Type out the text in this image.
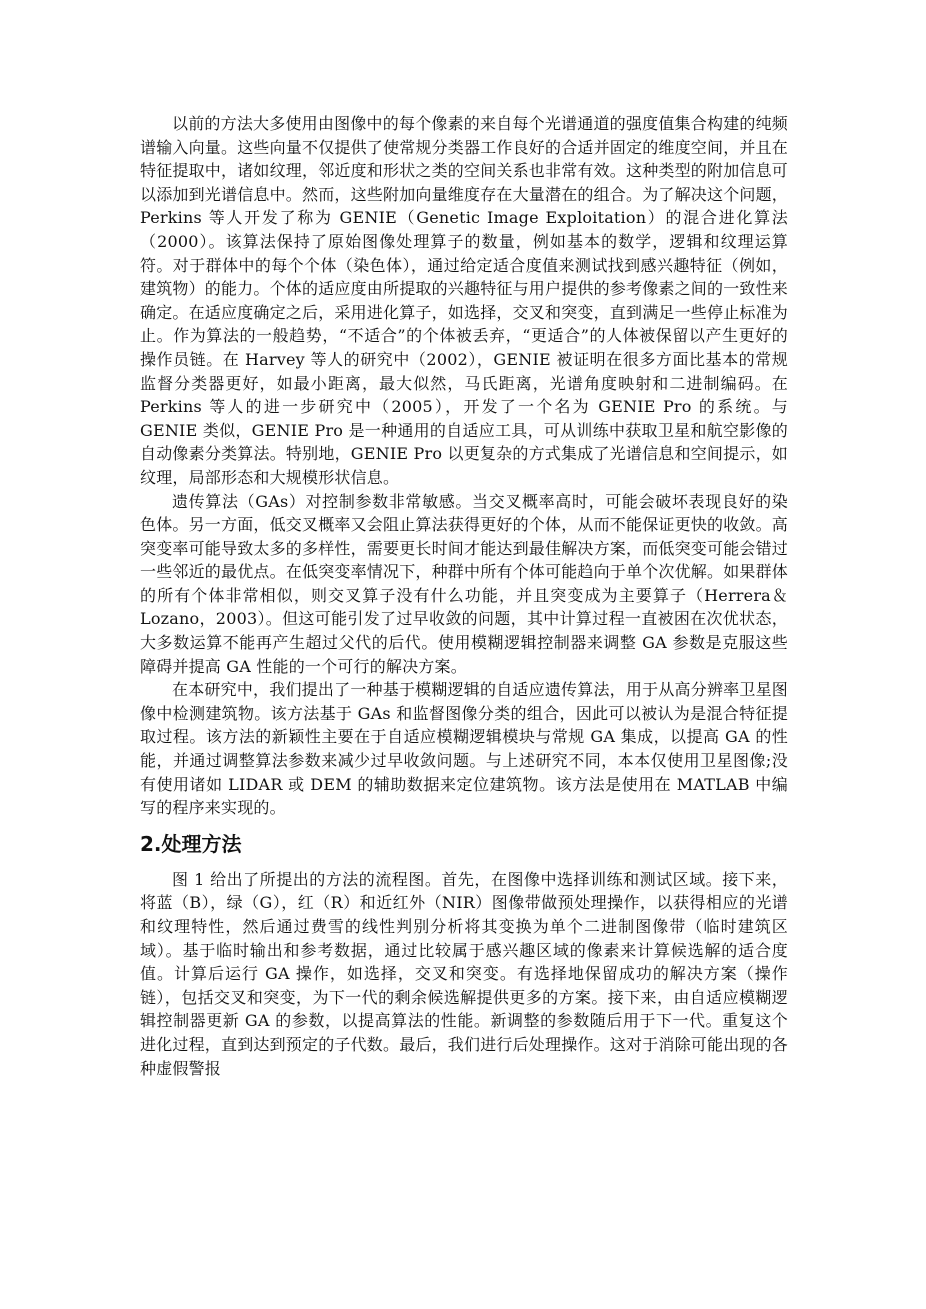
以前的方法大多使用由图像中的每个像素的来自每个光谱通道的强度值集合构建的纯频谱输入向量。这些向量不仅提供了使常规分类器工作良好的合适并固定的维度空间，并且在特征提取中，诸如纹理，邻近度和形状之类的空间关系也非常有效。这种类型的附加信息可以添加到光谱信息中。然而，这些附加向量维度存在大量潜在的组合。为了解决这个问题，Perkins 等人开发了称为 GENIE（Genetic Image Exploitation）的混合进化算法（2000）。该算法保持了原始图像处理算子的数量，例如基本的数学，逻辑和纹理运算符。对于群体中的每个个体（染色体），通过给定适合度值来测试找到感兴趣特征（例如，建筑物）的能力。个体的适应度由所提取的兴趣特征与用户提供的参考像素之间的一致性来确定。在适应度确定之后，采用进化算子，如选择，交叉和突变，直到满足一些停止标准为止。作为算法的一般趋势，“不适合”的个体被丢弃，“更适合”的人体被保留以产生更好的操作员链。在 Harvey 等人的研究中（2002），GENIE 被证明在很多方面比基本的常规监督分类器更好，如最小距离，最大似然，马氏距离，光谱角度映射和二进制编码。在 Perkins 等人的进一步研究中（2005），开发了一个名为 GENIE Pro 的系统。与 GENIE 类似，GENIE Pro 是一种通用的自适应工具，可从训练中获取卫星和航空影像的自动像素分类算法。特别地，GENIE Pro 以更复杂的方式集成了光谱信息和空间提示，如纹理，局部形态和大规模形状信息。

遗传算法（GAs）对控制参数非常敏感。当交叉概率高时，可能会破坏表现良好的染色体。另一方面，低交叉概率又会阻止算法获得更好的个体，从而不能保证更快的收敛。高突变率可能导致太多的多样性，需要更长时间才能达到最佳解决方案，而低突变可能会错过一些邻近的最优点。在低突变率情况下，种群中所有个体可能趋向于单个次优解。如果群体的所有个体非常相似，则交叉算子没有什么功能，并且突变成为主要算子（Herrera＆Lozano，2003）。但这可能引发了过早收敛的问题，其中计算过程一直被困在次优状态，大多数运算不能再产生超过父代的后代。使用模糊逻辑控制器来调整 GA 参数是克服这些障碍并提高 GA 性能的一个可行的解决方案。

在本研究中，我们提出了一种基于模糊逻辑的自适应遗传算法，用于从高分辨率卫星图像中检测建筑物。该方法基于 GAs 和监督图像分类的组合，因此可以被认为是混合特征提取过程。该方法的新颖性主要在于自适应模糊逻辑模块与常规 GA 集成，以提高 GA 的性能，并通过调整算法参数来减少过早收敛问题。与上述研究不同，本本仅使用卫星图像;没有使用诸如 LIDAR 或 DEM 的辅助数据来定位建筑物。该方法是使用在 MATLAB 中编写的程序来实现的。

2.处理方法

图 1 给出了所提出的方法的流程图。首先，在图像中选择训练和测试区域。接下来，将蓝（B），绿（G），红（R）和近红外（NIR）图像带做预处理操作，以获得相应的光谱和纹理特性，然后通过费雪的线性判别分析将其变换为单个二进制图像带（临时建筑区域）。基于临时输出和参考数据，通过比较属于感兴趣区域的像素来计算候选解的适合度值。计算后运行 GA 操作，如选择，交叉和突变。有选择地保留成功的解决方案（操作链），包括交叉和突变，为下一代的剩余候选解提供更多的方案。接下来，由自适应模糊逻辑控制器更新 GA 的参数，以提高算法的性能。新调整的参数随后用于下一代。重复这个进化过程，直到达到预定的子代数。最后，我们进行后处理操作。这对于消除可能出现的各种虚假警报
